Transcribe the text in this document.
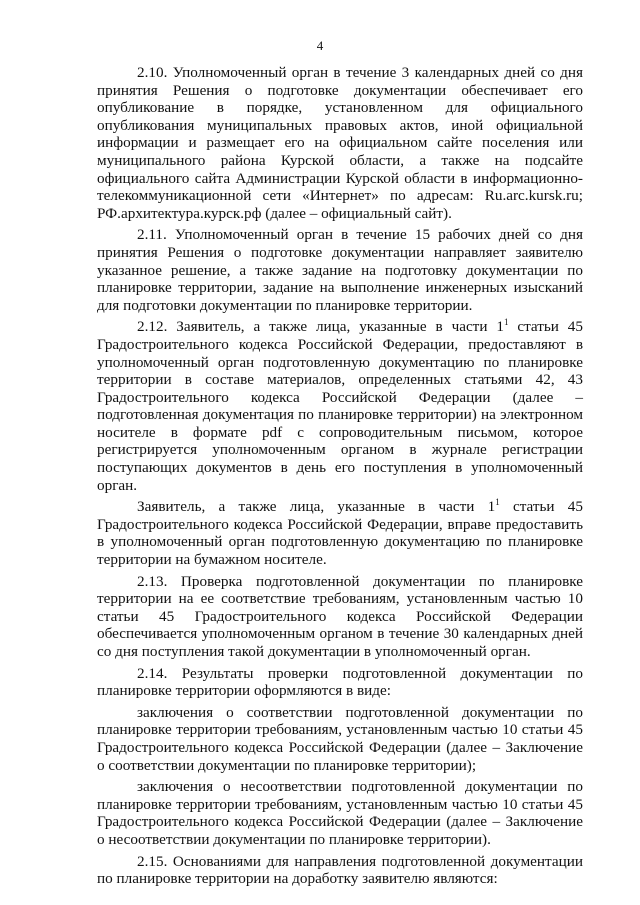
4

2.10. Уполномоченный орган в течение 3 календарных дней со дня принятия Решения о подготовке документации обеспечивает его опубликование в порядке, установленном для официального опубликования муниципальных правовых актов, иной официальной информации и размещает его на официальном сайте поселения или муниципального района Курской области, а также на подсайте официального сайта Администрации Курской области в информационно-телекоммуникационной сети «Интернет» по адресам: Ru.arc.kursk.ru; РФ.архитектура.курск.рф (далее – официальный сайт).

2.11. Уполномоченный орган в течение 15 рабочих дней со дня принятия Решения о подготовке документации направляет заявителю указанное решение, а также задание на подготовку документации по планировке территории, задание на выполнение инженерных изысканий для подготовки документации по планировке территории.

2.12. Заявитель, а также лица, указанные в части $1^1$ статьи 45 Градостроительного кодекса Российской Федерации, предоставляют в уполномоченный орган подготовленную документацию по планировке территории в составе материалов, определенных статьями 42, 43 Градостроительного кодекса Российской Федерации (далее – подготовленная документация по планировке территории) на электронном носителе в формате pdf с сопроводительным письмом, которое регистрируется уполномоченным органом в журнале регистрации поступающих документов в день его поступления в уполномоченный орган.

Заявитель, а также лица, указанные в части $1^1$ статьи 45 Градостроительного кодекса Российской Федерации, вправе предоставить в уполномоченный орган подготовленную документацию по планировке территории на бумажном носителе.

2.13. Проверка подготовленной документации по планировке территории на ее соответствие требованиям, установленным частью 10 статьи 45 Градостроительного кодекса Российской Федерации обеспечивается уполномоченным органом в течение 30 календарных дней со дня поступления такой документации в уполномоченный орган.

2.14. Результаты проверки подготовленной документации по планировке территории оформляются в виде:

заключения о соответствии подготовленной документации по планировке территории требованиям, установленным частью 10 статьи 45 Градостроительного кодекса Российской Федерации (далее – Заключение о соответствии документации по планировке территории);

заключения о несоответствии подготовленной документации по планировке территории требованиям, установленным частью 10 статьи 45 Градостроительного кодекса Российской Федерации (далее – Заключение о несоответствии документации по планировке территории).

2.15. Основаниями для направления подготовленной документации по планировке территории на доработку заявителю являются:
